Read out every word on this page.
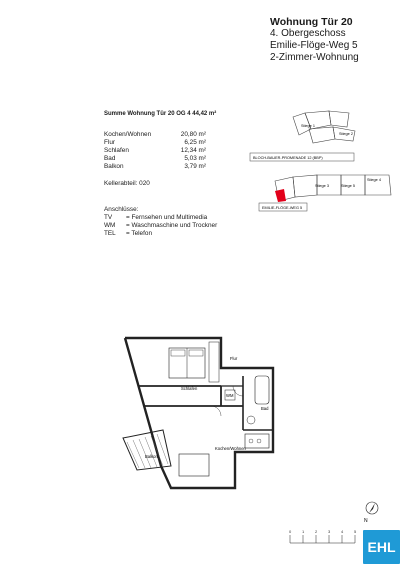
Wohnung Tür 20
4. Obergeschoss
Emilie-Flöge-Weg 5
2-Zimmer-Wohnung
Summe Wohnung Tür 20 OG 4 44,42 m²
Kochen/Wohnen	20,80 m²
Flur	6,25 m²
Schlafen	12,34 m²
Bad	5,03 m²
Balkon	3,79 m²
Kellerabteil: 020
Anschlüsse:
TV	= Fernsehen und Multimedia
WM	= Waschmaschine und Trockner
TEL	= Telefon
BLOCH-BAUER-PROMENADE 12 (BBP)
EMILIE-FLÖGE-WEG 5
Stiege 1
Stiege 2
Stiege 3
Stiege 4
Stiege 5
Schlafen
Flur
Bad
WM
Kochen/Wohnen
Balkon
N
0	1	2	3	4	5
EHL
